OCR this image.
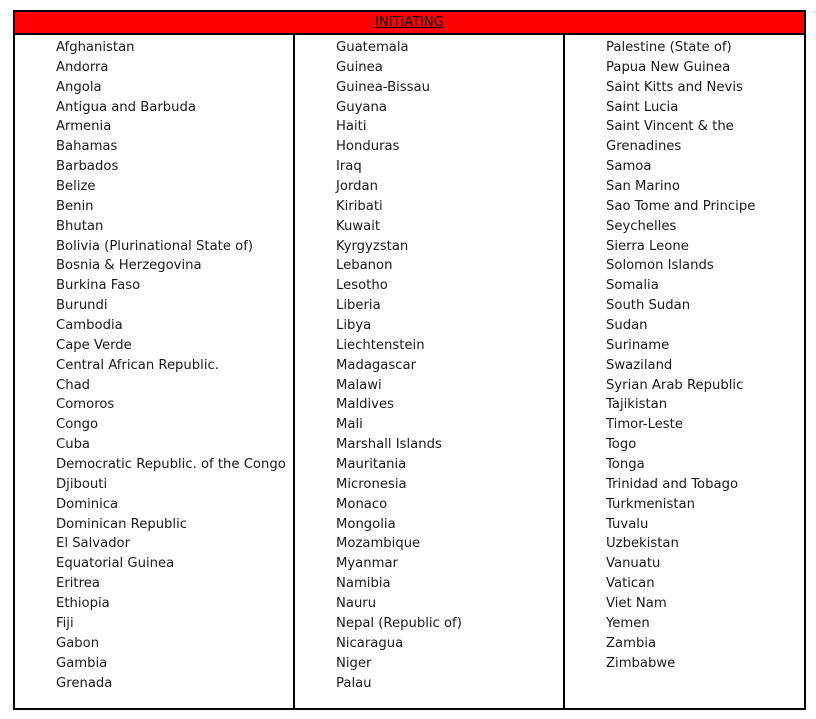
INITIATING
Afghanistan
Andorra
Angola
Antigua and Barbuda
Armenia
Bahamas
Barbados
Belize
Benin
Bhutan
Bolivia (Plurinational State of)
Bosnia & Herzegovina
Burkina Faso
Burundi
Cambodia
Cape Verde
Central African Republic.
Chad
Comoros
Congo
Cuba
Democratic Republic. of the Congo
Djibouti
Dominica
Dominican Republic
El Salvador
Equatorial Guinea
Eritrea
Ethiopia
Fiji
Gabon
Gambia
Grenada
Guatemala
Guinea
Guinea-Bissau
Guyana
Haiti
Honduras
Iraq
Jordan
Kiribati
Kuwait
Kyrgyzstan
Lebanon
Lesotho
Liberia
Libya
Liechtenstein
Madagascar
Malawi
Maldives
Mali
Marshall Islands
Mauritania
Micronesia
Monaco
Mongolia
Mozambique
Myanmar
Namibia
Nauru
Nepal (Republic of)
Nicaragua
Niger
Palau
Palestine (State of)
Papua New Guinea
Saint Kitts and Nevis
Saint Lucia
Saint Vincent & the
Grenadines
Samoa
San Marino
Sao Tome and Principe
Seychelles
Sierra Leone
Solomon Islands
Somalia
South Sudan
Sudan
Suriname
Swaziland
Syrian Arab Republic
Tajikistan
Timor-Leste
Togo
Tonga
Trinidad and Tobago
Turkmenistan
Tuvalu
Uzbekistan
Vanuatu
Vatican
Viet Nam
Yemen
Zambia
Zimbabwe
